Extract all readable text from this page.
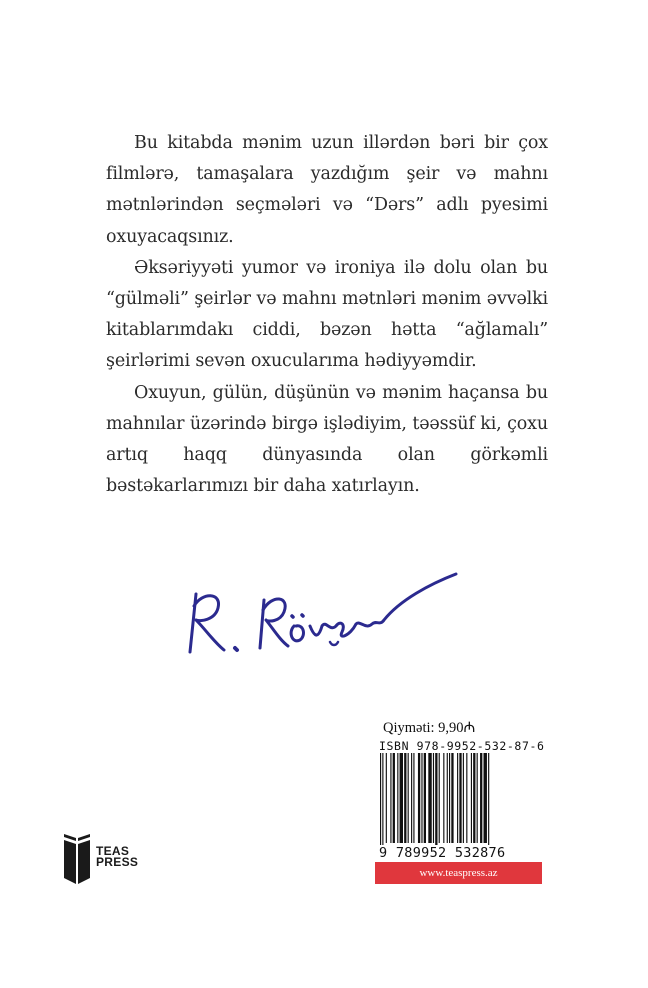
Bu kitabda mənim uzun illərdən bəri bir çox filmlərə, tamaşalara yazdığım şeir və mahnı mətnlərindən seçmələri və “Dərs” adlı pyesimi oxuyacaqsınız.

Əksəriyyəti yumor və ironiya ilə dolu olan bu “gülməli” şeirlər və mahnı mətnləri mənim əvvəlki kitablarımdakı ciddi, bəzən hətta “ağlamalı” şeirlərimi sevən oxucularıma hədiyyəmdir.

Oxuyun, gülün, düşünün və mənim haçansa bu mahnılar üzərində birgə işlədiyim, təəssüf ki, çoxu artıq haqq dünyasında olan görkəmli bəstəkarlarımızı bir daha xatırlayın.

Qiyməti: 9,90₼
ISBN 978-9952-532-87-6
9 789952 532876
www.teaspress.az
TEAS
PRESS
